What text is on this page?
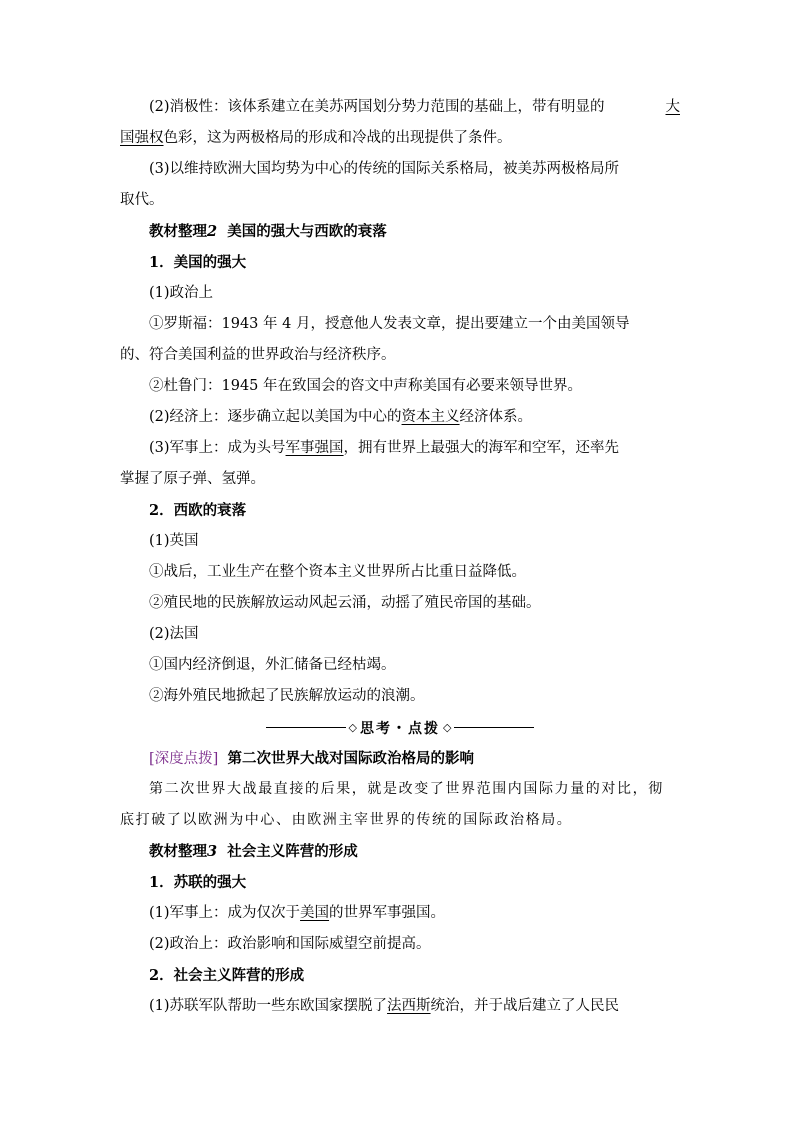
(2)消极性：该体系建立在美苏两国划分势力范围的基础上，带有明显的	大
国强权色彩，这为两极格局的形成和冷战的出现提供了条件。
(3)以维持欧洲大国均势为中心的传统的国际关系格局，被美苏两极格局所
取代。
教材整理2 美国的强大与西欧的衰落
1．美国的强大
(1)政治上
①罗斯福：1943 年 4 月，授意他人发表文章，提出要建立一个由美国领导
的、符合美国利益的世界政治与经济秩序。
②杜鲁门：1945 年在致国会的咨文中声称美国有必要来领导世界。
(2)经济上：逐步确立起以美国为中心的资本主义经济体系。
(3)军事上：成为头号军事强国，拥有世界上最强大的海军和空军，还率先
掌握了原子弹、氢弹。
2．西欧的衰落
(1)英国
①战后，工业生产在整个资本主义世界所占比重日益降低。
②殖民地的民族解放运动风起云涌，动摇了殖民帝国的基础。
(2)法国
①国内经济倒退，外汇储备已经枯竭。
②海外殖民地掀起了民族解放运动的浪潮。
◇ 思考・点拨 ◇
[深度点拨] 第二次世界大战对国际政治格局的影响
第二次世界大战最直接的后果，就是改变了世界范围内国际力量的对比，彻
底打破了以欧洲为中心、由欧洲主宰世界的传统的国际政治格局。
教材整理3 社会主义阵营的形成
1．苏联的强大
(1)军事上：成为仅次于美国的世界军事强国。
(2)政治上：政治影响和国际威望空前提高。
2．社会主义阵营的形成
(1)苏联军队帮助一些东欧国家摆脱了法西斯统治，并于战后建立了人民民
